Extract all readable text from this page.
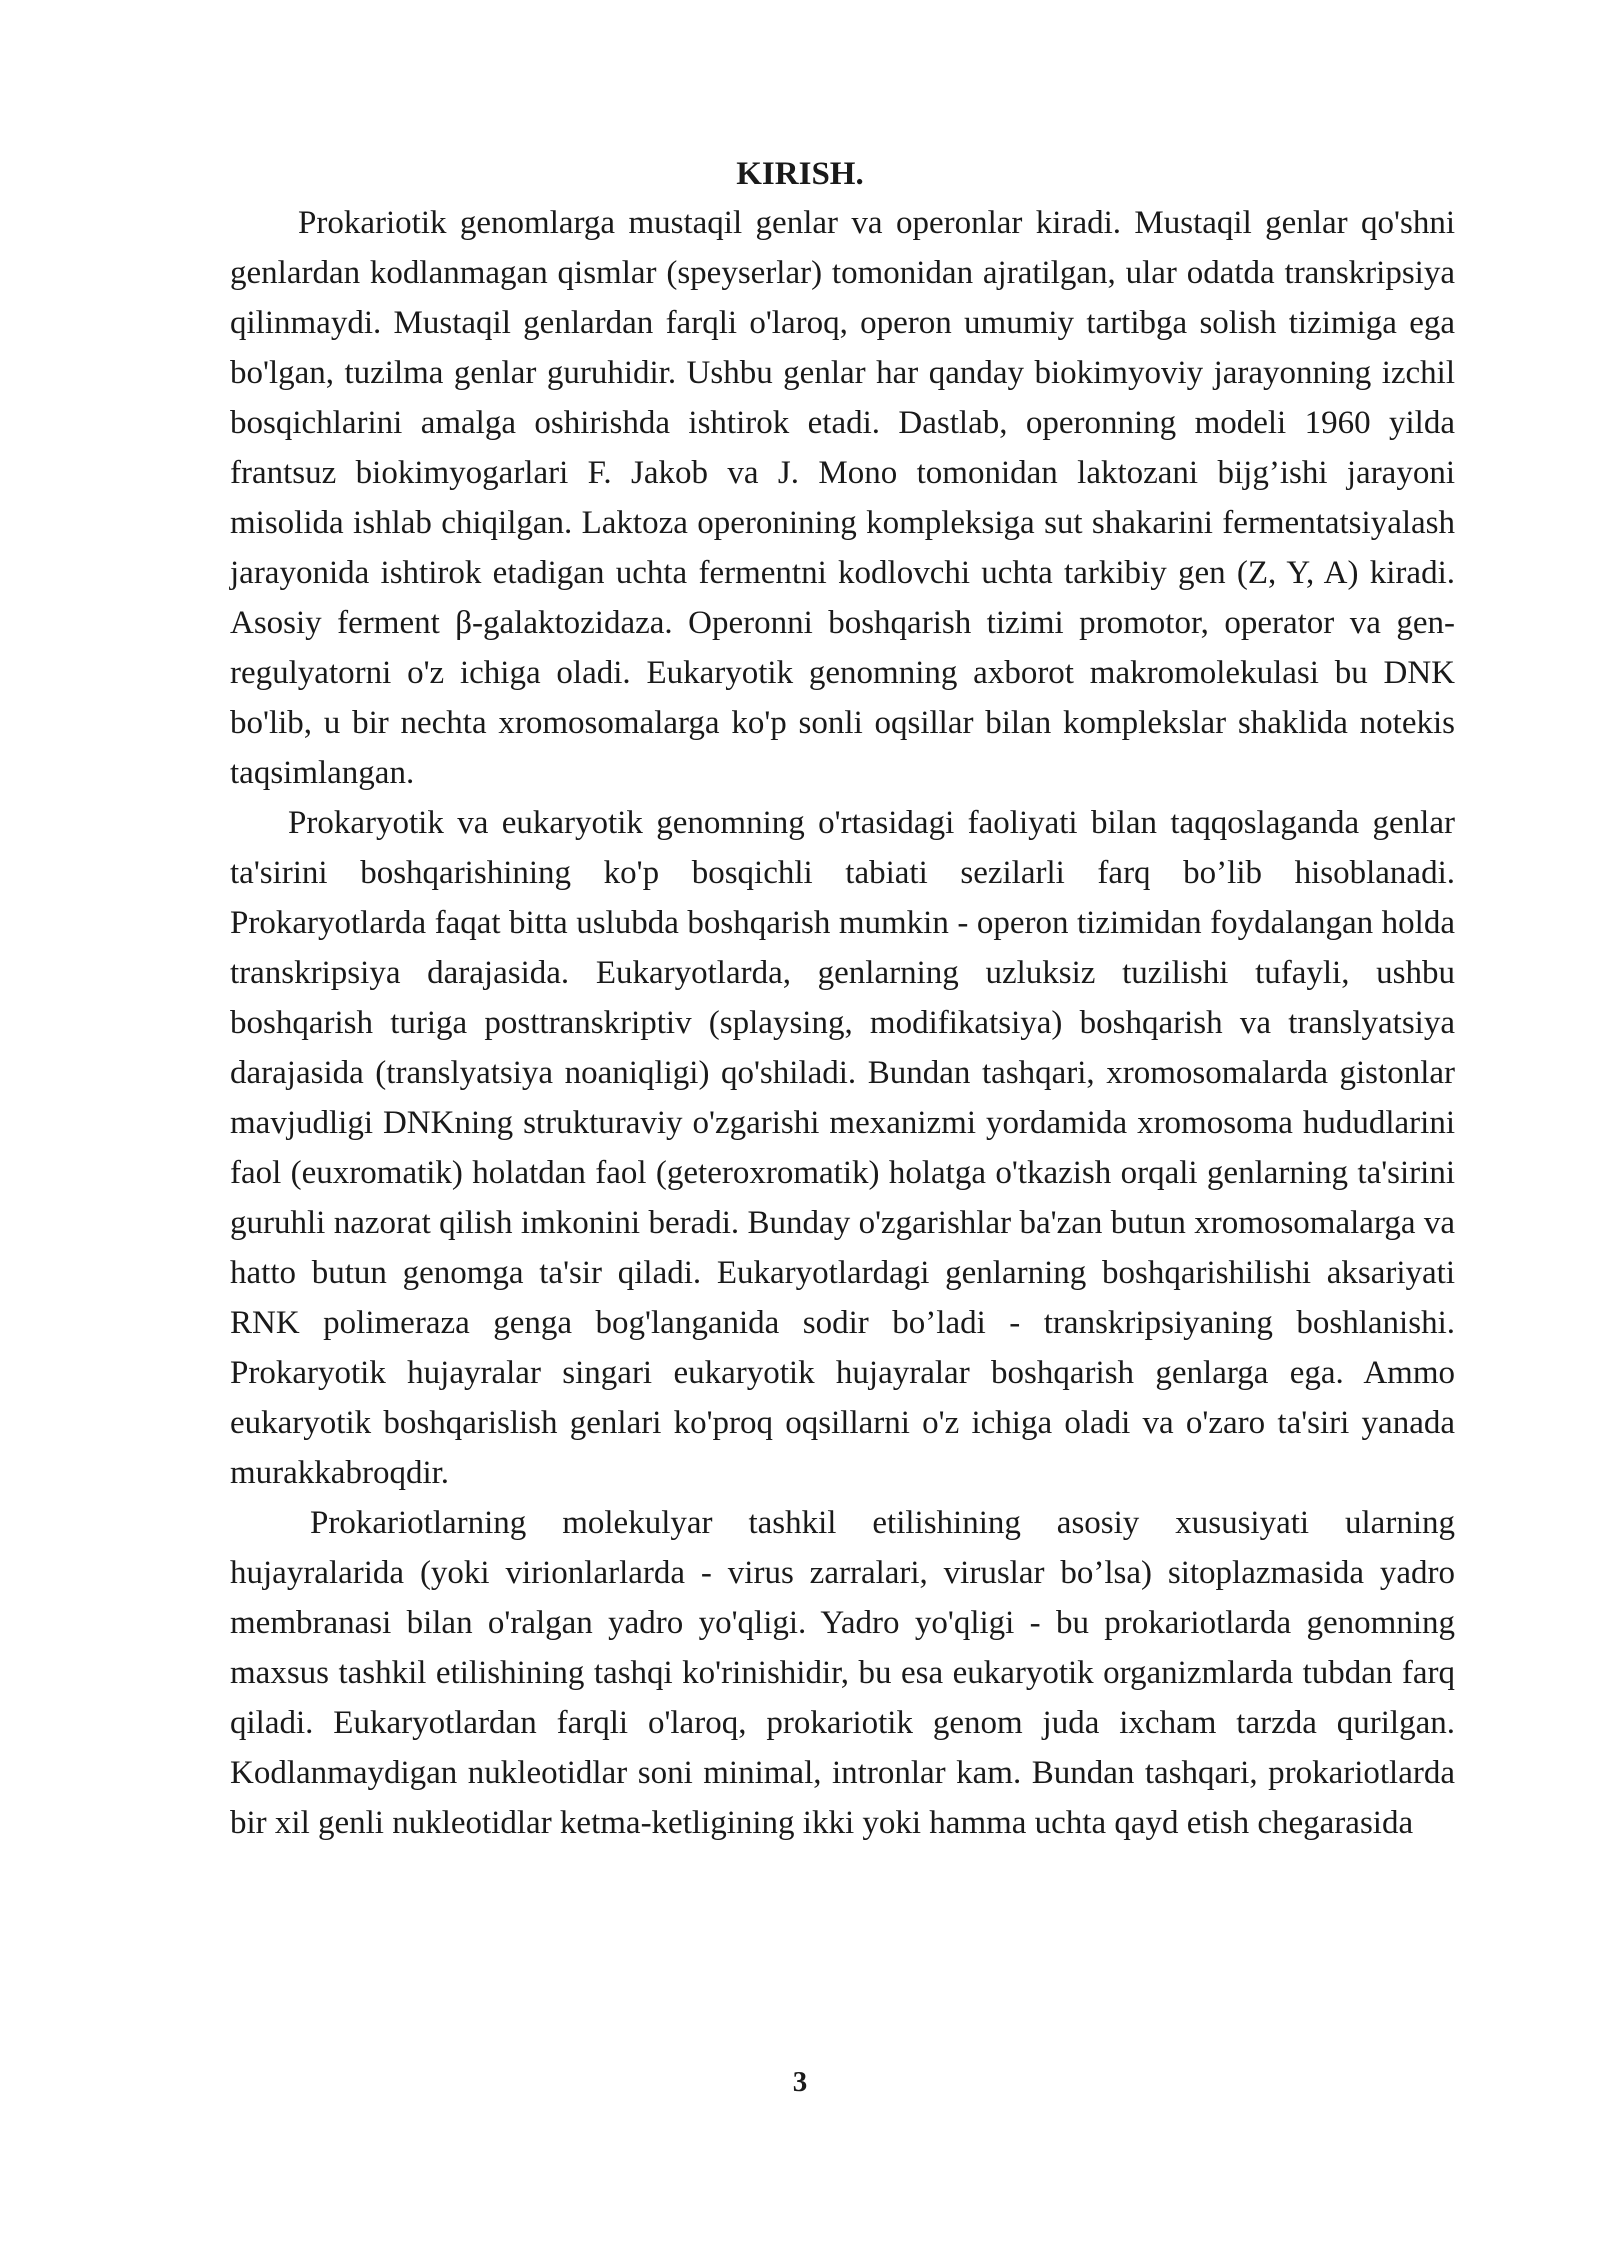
KIRISH.

Prokariotik genomlarga mustaqil genlar va operonlar kiradi. Mustaqil genlar qo'shni genlardan kodlanmagan qismlar (speyserlar) tomonidan ajratilgan, ular odatda transkripsiya qilinmaydi. Mustaqil genlardan farqli o'laroq, operon umumiy tartibga solish tizimiga ega bo'lgan, tuzilma genlar guruhidir. Ushbu genlar har qanday biokimyoviy jarayonning izchil bosqichlarini amalga oshirishda ishtirok etadi. Dastlab, operonning modeli 1960 yilda frantsuz biokimyogarlari F. Jakob va J. Mono tomonidan laktozani bijg’ishi jarayoni misolida ishlab chiqilgan. Laktoza operonining kompleksiga sut shakarini fermentatsiyalash jarayonida ishtirok etadigan uchta fermentni kodlovchi uchta tarkibiy gen (Z, Y, A) kiradi. Asosiy ferment β-galaktozidaza. Operonni boshqarish tizimi promotor, operator va gen-regulyatorni o'z ichiga oladi. Eukaryotik genomning axborot makromolekulasi bu DNK bo'lib, u bir nechta xromosomalarga ko'p sonli oqsillar bilan komplekslar shaklida notekis taqsimlangan.

Prokaryotik va eukaryotik genomning o'rtasidagi faoliyati bilan taqqoslaganda genlar ta'sirini boshqarishining ko'p bosqichli tabiati sezilarli farq bo’lib hisoblanadi. Prokaryotlarda faqat bitta uslubda boshqarish mumkin - operon tizimidan foydalangan holda transkripsiya darajasida. Eukaryotlarda, genlarning uzluksiz tuzilishi tufayli, ushbu boshqarish turiga posttranskriptiv (splaysing, modifikatsiya) boshqarish va translyatsiya darajasida (translyatsiya noaniqligi) qo'shiladi. Bundan tashqari, xromosomalarda gistonlar mavjudligi DNKning strukturaviy o'zgarishi mexanizmi yordamida xromosoma hududlarini faol (euxromatik) holatdan faol (geteroxromatik) holatga o'tkazish orqali genlarning ta'sirini guruhli nazorat qilish imkonini beradi. Bunday o'zgarishlar ba'zan butun xromosomalarga va hatto butun genomga ta'sir qiladi. Eukaryotlardagi genlarning boshqarishilishi aksariyati RNK polimeraza genga bog'langanida sodir bo’ladi - transkripsiyaning boshlanishi. Prokaryotik hujayralar singari eukaryotik hujayralar boshqarish genlarga ega. Ammo eukaryotik boshqarislish genlari ko'proq oqsillarni o'z ichiga oladi va o'zaro ta'siri yanada murakkabroqdir.

Prokariotlarning molekulyar tashkil etilishining asosiy xususiyati ularning hujayralarida (yoki virionlarlarda - virus zarralari, viruslar bo’lsa) sitoplazmasida yadro membranasi bilan o'ralgan yadro yo'qligi. Yadro yo'qligi - bu prokariotlarda genomning maxsus tashkil etilishining tashqi ko'rinishidir, bu esa eukaryotik organizmlarda tubdan farq qiladi. Eukaryotlardan farqli o'laroq, prokariotik genom juda ixcham tarzda qurilgan. Kodlanmaydigan nukleotidlar soni minimal, intronlar kam. Bundan tashqari, prokariotlarda bir xil genli nukleotidlar ketma-ketligining ikki yoki hamma uchta qayd etish chegarasida

3
